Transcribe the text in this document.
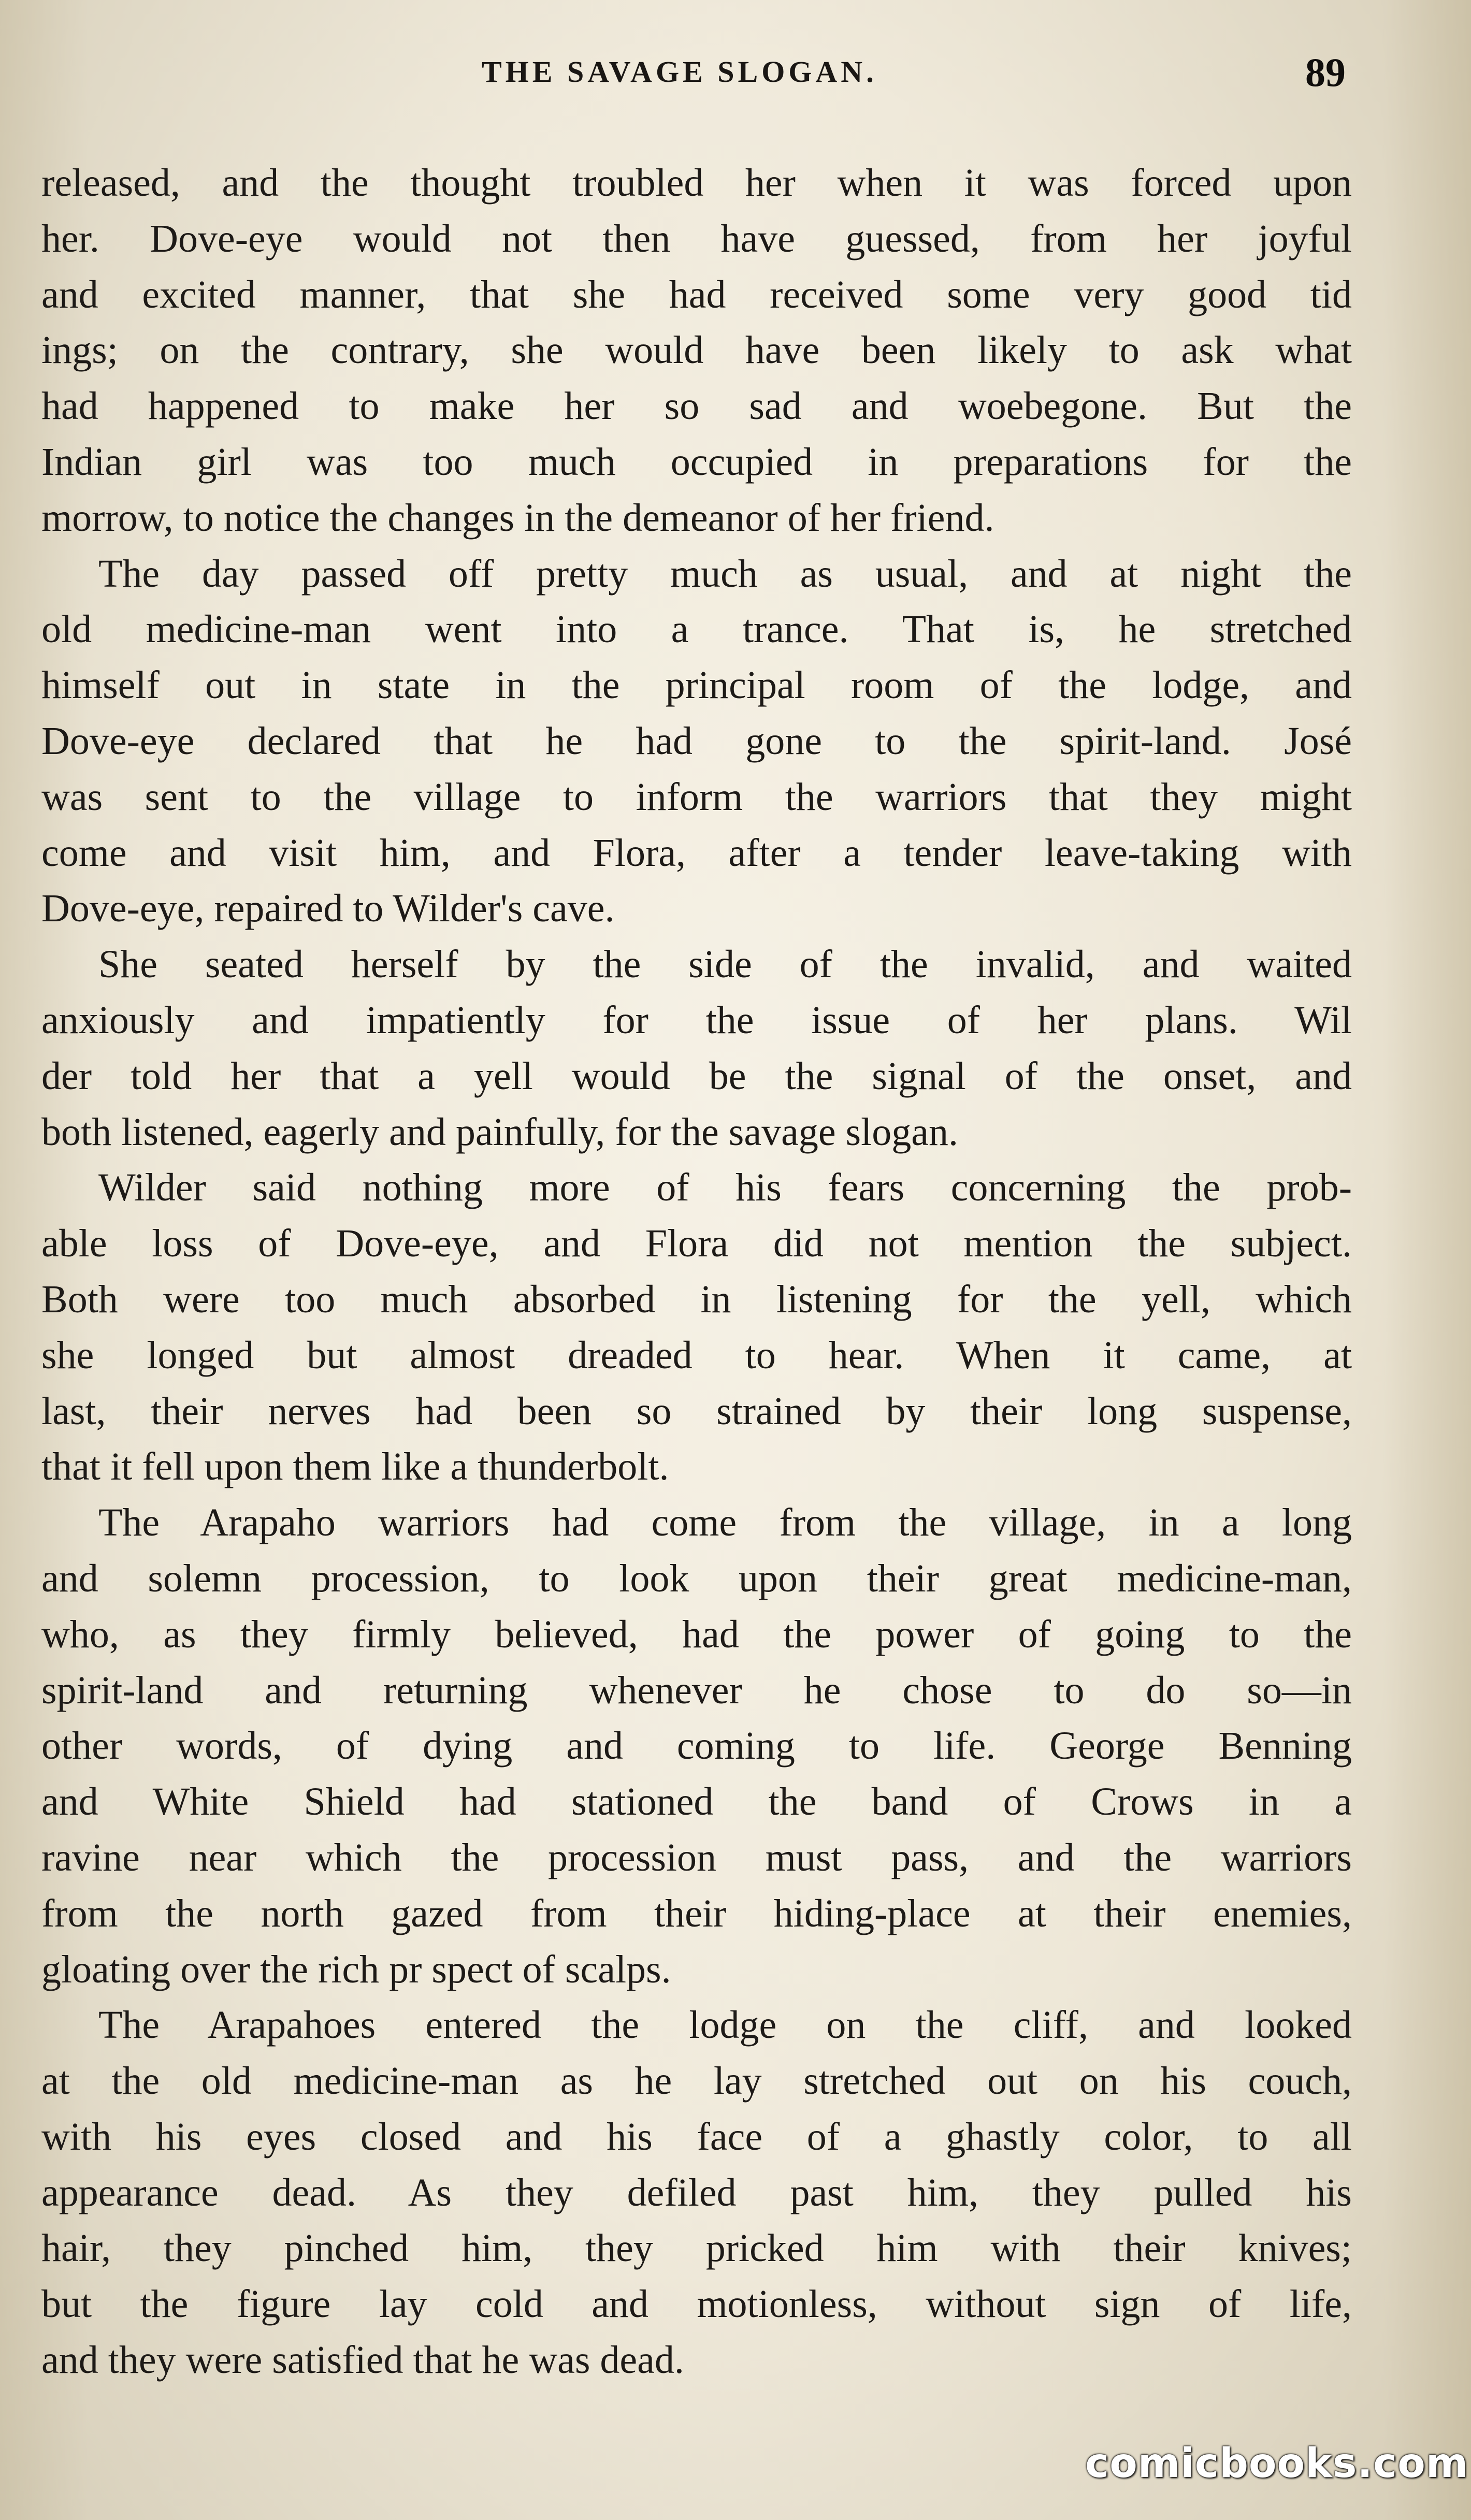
THE SAVAGE SLOGAN.	89
released, and the thought troubled her when it was forced upon
her. Dove-eye would not then have guessed, from her joyful
and excited manner, that she had received some very good tid
ings; on the contrary, she would have been likely to ask what
had happened to make her so sad and woebegone. But the
Indian girl was too much occupied in preparations for the
morrow, to notice the changes in the demeanor of her friend.
The day passed off pretty much as usual, and at night the
old medicine-man went into a trance. That is, he stretched
himself out in state in the principal room of the lodge, and
Dove-eye declared that he had gone to the spirit-land. José
was sent to the village to inform the warriors that they might
come and visit him, and Flora, after a tender leave-taking with
Dove-eye, repaired to Wilder's cave.
She seated herself by the side of the invalid, and waited
anxiously and impatiently for the issue of her plans. Wil
der told her that a yell would be the signal of the onset, and
both listened, eagerly and painfully, for the savage slogan.
Wilder said nothing more of his fears concerning the prob-
able loss of Dove-eye, and Flora did not mention the subject.
Both were too much absorbed in listening for the yell, which
she longed but almost dreaded to hear. When it came, at
last, their nerves had been so strained by their long suspense,
that it fell upon them like a thunderbolt.
The Arapaho warriors had come from the village, in a long
and solemn procession, to look upon their great medicine-man,
who, as they firmly believed, had the power of going to the
spirit-land and returning whenever he chose to do so—in
other words, of dying and coming to life. George Benning
and White Shield had stationed the band of Crows in a
ravine near which the procession must pass, and the warriors
from the north gazed from their hiding-place at their enemies,
gloating over the rich pr spect of scalps.
The Arapahoes entered the lodge on the cliff, and looked
at the old medicine-man as he lay stretched out on his couch,
with his eyes closed and his face of a ghastly color, to all
appearance dead. As they defiled past him, they pulled his
hair, they pinched him, they pricked him with their knives;
but the figure lay cold and motionless, without sign of life,
and they were satisfied that he was dead.
comicbooks.com
